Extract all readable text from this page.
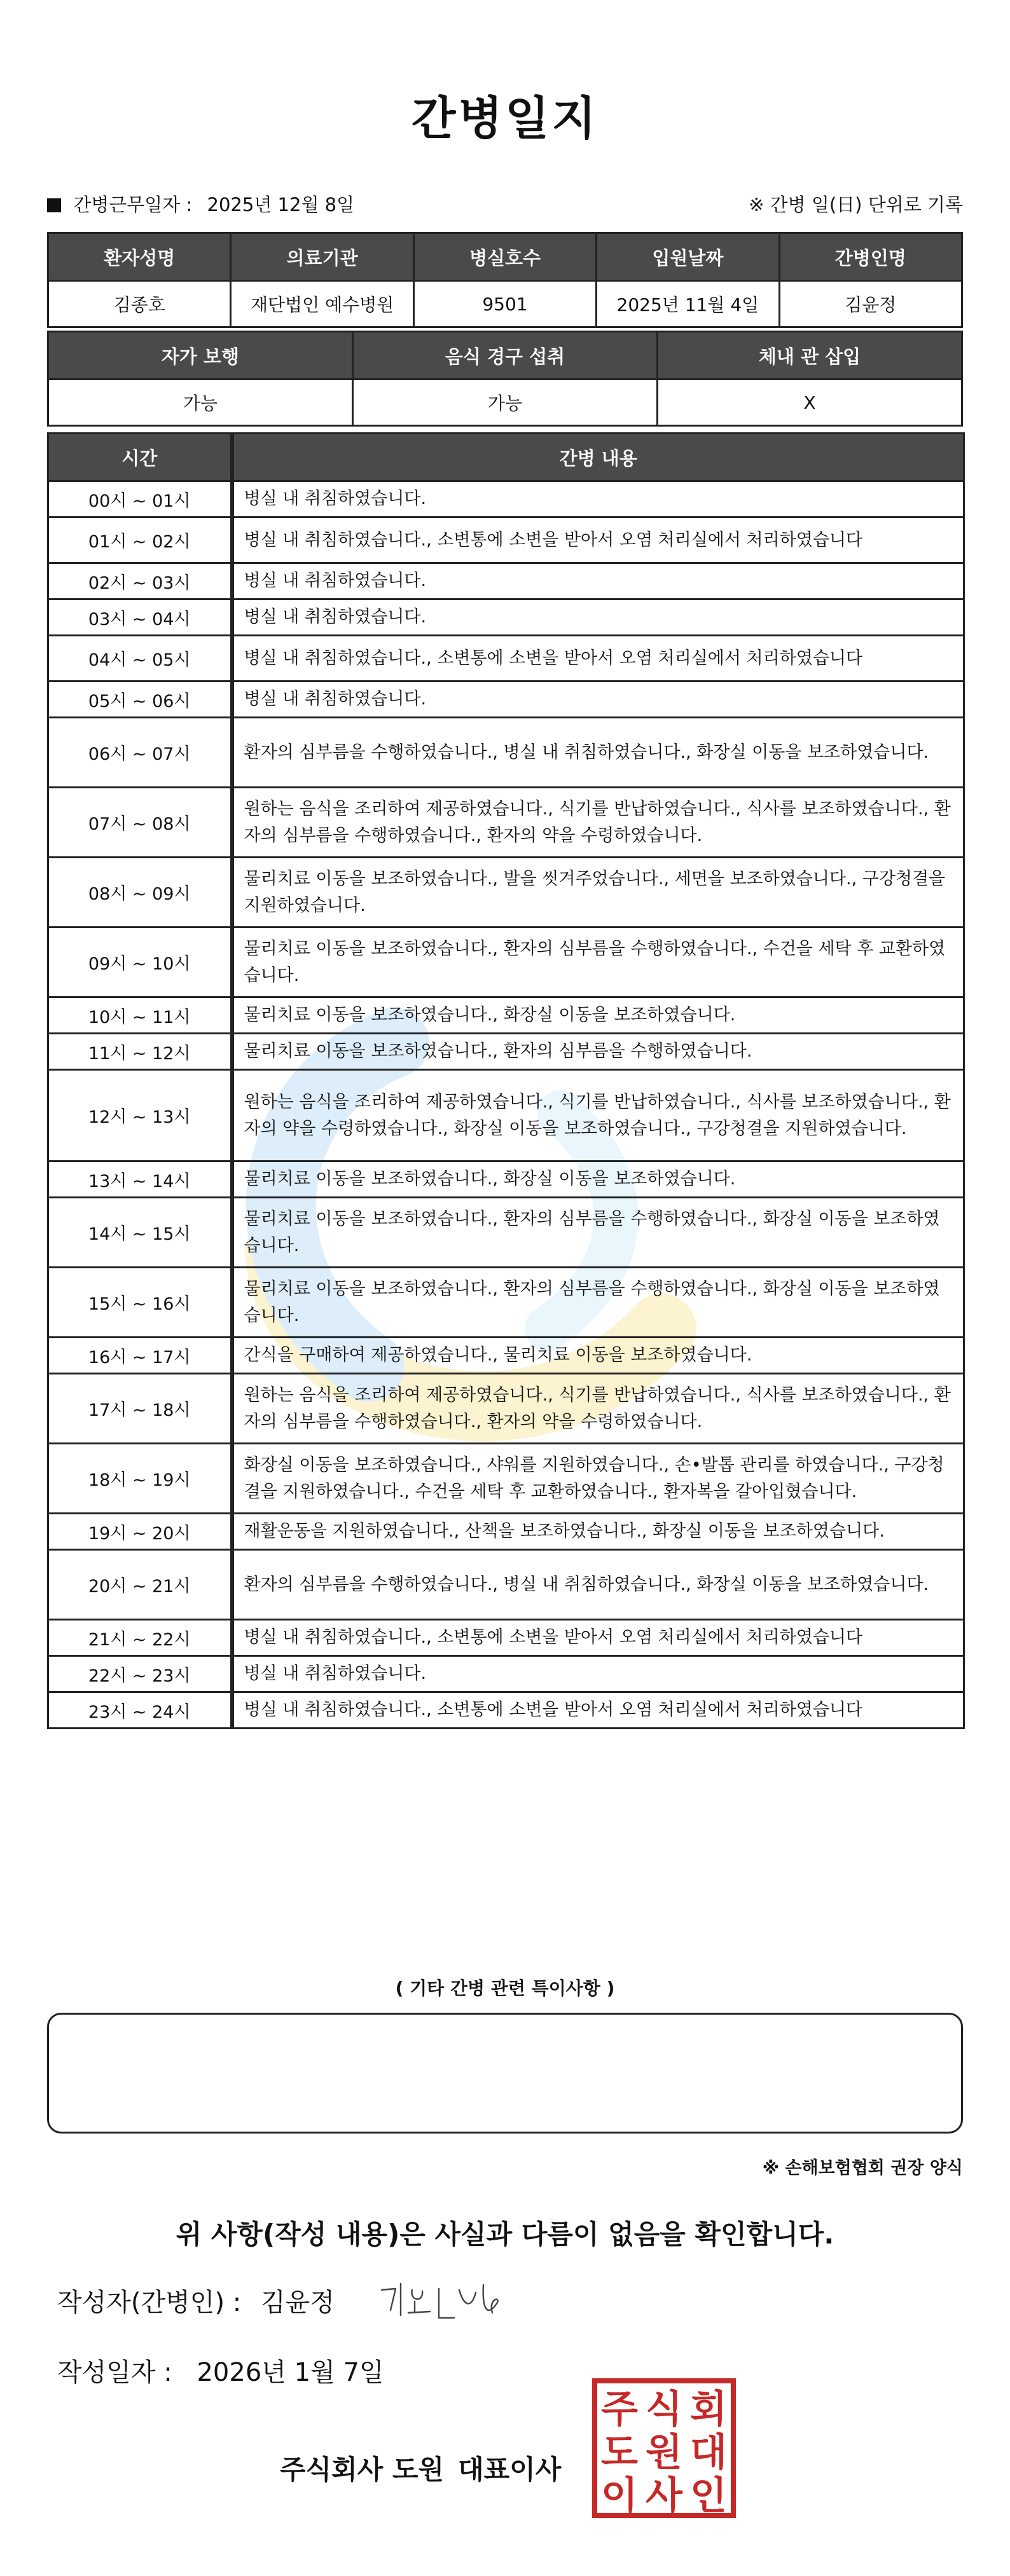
간병일지
간병근무일자 : 2025년 12월 8일	※ 간병 일(日) 단위로 기록
환자성명	의료기관	병실호수	입원날짜	간병인명
김종호	재단법인 예수병원	9501	2025년 11월 4일	김윤정
자가 보행	음식 경구 섭취	체내 관 삽입
가능	가능	X
시간	간병 내용
00시 ~ 01시	병실 내 취침하였습니다.
01시 ~ 02시	병실 내 취침하였습니다., 소변통에 소변을 받아서 오염 처리실에서 처리하였습니다
02시 ~ 03시	병실 내 취침하였습니다.
03시 ~ 04시	병실 내 취침하였습니다.
04시 ~ 05시	병실 내 취침하였습니다., 소변통에 소변을 받아서 오염 처리실에서 처리하였습니다
05시 ~ 06시	병실 내 취침하였습니다.
06시 ~ 07시	환자의 심부름을 수행하였습니다., 병실 내 취침하였습니다., 화장실 이동을 보조하였습니다.
07시 ~ 08시	원하는 음식을 조리하여 제공하였습니다., 식기를 반납하였습니다., 식사를 보조하였습니다., 환자의 심부름을 수행하였습니다., 환자의 약을 수령하였습니다.
08시 ~ 09시	물리치료 이동을 보조하였습니다., 발을 씻겨주었습니다., 세면을 보조하였습니다., 구강청결을 지원하였습니다.
09시 ~ 10시	물리치료 이동을 보조하였습니다., 환자의 심부름을 수행하였습니다., 수건을 세탁 후 교환하였습니다.
10시 ~ 11시	물리치료 이동을 보조하였습니다., 화장실 이동을 보조하였습니다.
11시 ~ 12시	물리치료 이동을 보조하였습니다., 환자의 심부름을 수행하였습니다.
12시 ~ 13시	원하는 음식을 조리하여 제공하였습니다., 식기를 반납하였습니다., 식사를 보조하였습니다., 환자의 약을 수령하였습니다., 화장실 이동을 보조하였습니다., 구강청결을 지원하였습니다.
13시 ~ 14시	물리치료 이동을 보조하였습니다., 화장실 이동을 보조하였습니다.
14시 ~ 15시	물리치료 이동을 보조하였습니다., 환자의 심부름을 수행하였습니다., 화장실 이동을 보조하였습니다.
15시 ~ 16시	물리치료 이동을 보조하였습니다., 환자의 심부름을 수행하였습니다., 화장실 이동을 보조하였습니다.
16시 ~ 17시	간식을 구매하여 제공하였습니다., 물리치료 이동을 보조하였습니다.
17시 ~ 18시	원하는 음식을 조리하여 제공하였습니다., 식기를 반납하였습니다., 식사를 보조하였습니다., 환자의 심부름을 수행하였습니다., 환자의 약을 수령하였습니다.
18시 ~ 19시	화장실 이동을 보조하였습니다., 샤워를 지원하였습니다., 손•발톱 관리를 하였습니다., 구강청결을 지원하였습니다., 수건을 세탁 후 교환하였습니다., 환자복을 갈아입혔습니다.
19시 ~ 20시	재활운동을 지원하였습니다., 산책을 보조하였습니다., 화장실 이동을 보조하였습니다.
20시 ~ 21시	환자의 심부름을 수행하였습니다., 병실 내 취침하였습니다., 화장실 이동을 보조하였습니다.
21시 ~ 22시	병실 내 취침하였습니다., 소변통에 소변을 받아서 오염 처리실에서 처리하였습니다
22시 ~ 23시	병실 내 취침하였습니다.
23시 ~ 24시	병실 내 취침하였습니다., 소변통에 소변을 받아서 오염 처리실에서 처리하였습니다
( 기타 간병 관련 특이사항 )
※ 손해보험협회 권장 양식
위 사항(작성 내용)은 사실과 다름이 없음을 확인합니다.
작성자(간병인) : 김윤정
작성일자 : 2026년 1월 7일
주식회사 도원 대표이사
주 식 회
도 원 대
이 사 인
